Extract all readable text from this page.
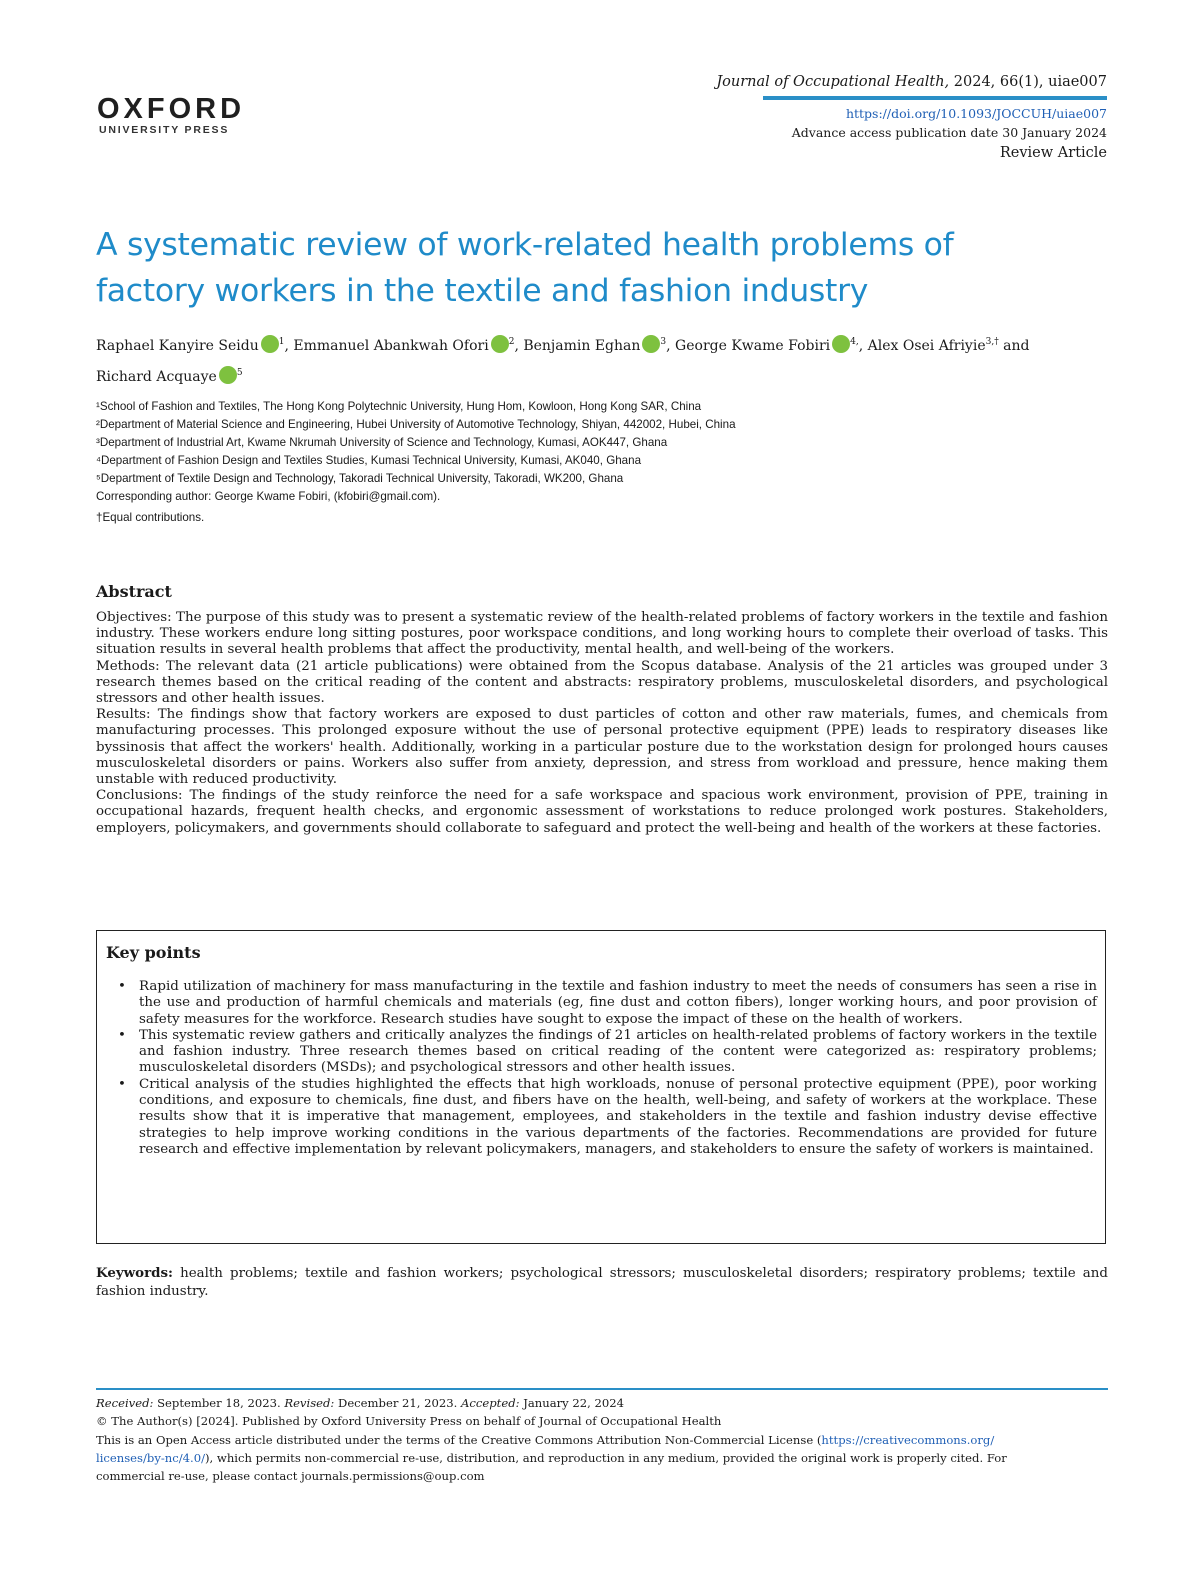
OXFORD
UNIVERSITY PRESS
Journal of Occupational Health, 2024, 66(1), uiae007
https://doi.org/10.1093/JOCCUH/uiae007
Advance access publication date 30 January 2024
Review Article
A systematic review of work-related health problems of
factory workers in the textile and fashion industry
Raphael Kanyire Seidu $^1$, Emmanuel Abankwah Ofori $^2$, Benjamin Eghan $^3$, George Kwame Fobiri $^{4,}$, Alex Osei Afriyie$^{3,\dagger}$ and
Richard Acquaye $^5$
¹School of Fashion and Textiles, The Hong Kong Polytechnic University, Hung Hom, Kowloon, Hong Kong SAR, China
²Department of Material Science and Engineering, Hubei University of Automotive Technology, Shiyan, 442002, Hubei, China
³Department of Industrial Art, Kwame Nkrumah University of Science and Technology, Kumasi, AOK447, Ghana
⁴Department of Fashion Design and Textiles Studies, Kumasi Technical University, Kumasi, AK040, Ghana
⁵Department of Textile Design and Technology, Takoradi Technical University, Takoradi, WK200, Ghana
Corresponding author: George Kwame Fobiri, (kfobiri@gmail.com).
†Equal contributions.
Abstract

Objectives: The purpose of this study was to present a systematic review of the health-related problems of factory workers in the textile and fashion industry. These workers endure long sitting postures, poor workspace conditions, and long working hours to complete their overload of tasks. This situation results in several health problems that affect the productivity, mental health, and well-being of the workers.

Methods: The relevant data (21 article publications) were obtained from the Scopus database. Analysis of the 21 articles was grouped under 3 research themes based on the critical reading of the content and abstracts: respiratory problems, musculoskeletal disorders, and psychological stressors and other health issues.

Results: The findings show that factory workers are exposed to dust particles of cotton and other raw materials, fumes, and chemicals from manufacturing processes. This prolonged exposure without the use of personal protective equipment (PPE) leads to respiratory diseases like byssinosis that affect the workers' health. Additionally, working in a particular posture due to the workstation design for prolonged hours causes musculoskeletal disorders or pains. Workers also suffer from anxiety, depression, and stress from workload and pressure, hence making them unstable with reduced productivity.

Conclusions: The findings of the study reinforce the need for a safe workspace and spacious work environment, provision of PPE, training in occupational hazards, frequent health checks, and ergonomic assessment of workstations to reduce prolonged work postures. Stakeholders, employers, policymakers, and governments should collaborate to safeguard and protect the well-being and health of the workers at these factories.

Key points
• Rapid utilization of machinery for mass manufacturing in the textile and fashion industry to meet the needs of consumers has seen a rise in the use and production of harmful chemicals and materials (eg, fine dust and cotton fibers), longer working hours, and poor provision of safety measures for the workforce. Research studies have sought to expose the impact of these on the health of workers.
• This systematic review gathers and critically analyzes the findings of 21 articles on health-related problems of factory workers in the textile and fashion industry. Three research themes based on critical reading of the content were categorized as: respiratory problems; musculoskeletal disorders (MSDs); and psychological stressors and other health issues.
• Critical analysis of the studies highlighted the effects that high workloads, nonuse of personal protective equipment (PPE), poor working conditions, and exposure to chemicals, fine dust, and fibers have on the health, well-being, and safety of workers at the workplace. These results show that it is imperative that management, employees, and stakeholders in the textile and fashion industry devise effective strategies to help improve working conditions in the various departments of the factories. Recommendations are provided for future research and effective implementation by relevant policymakers, managers, and stakeholders to ensure the safety of workers is maintained.
Keywords: health problems; textile and fashion workers; psychological stressors; musculoskeletal disorders; respiratory problems; textile and fashion industry.

Received: September 18, 2023. Revised: December 21, 2023. Accepted: January 22, 2024

© The Author(s) [2024]. Published by Oxford University Press on behalf of Journal of Occupational Health

This is an Open Access article distributed under the terms of the Creative Commons Attribution Non-Commercial License (https://creativecommons.org/
licenses/by-nc/4.0/), which permits non-commercial re-use, distribution, and reproduction in any medium, provided the original work is properly cited. For
commercial re-use, please contact journals.permissions@oup.com
